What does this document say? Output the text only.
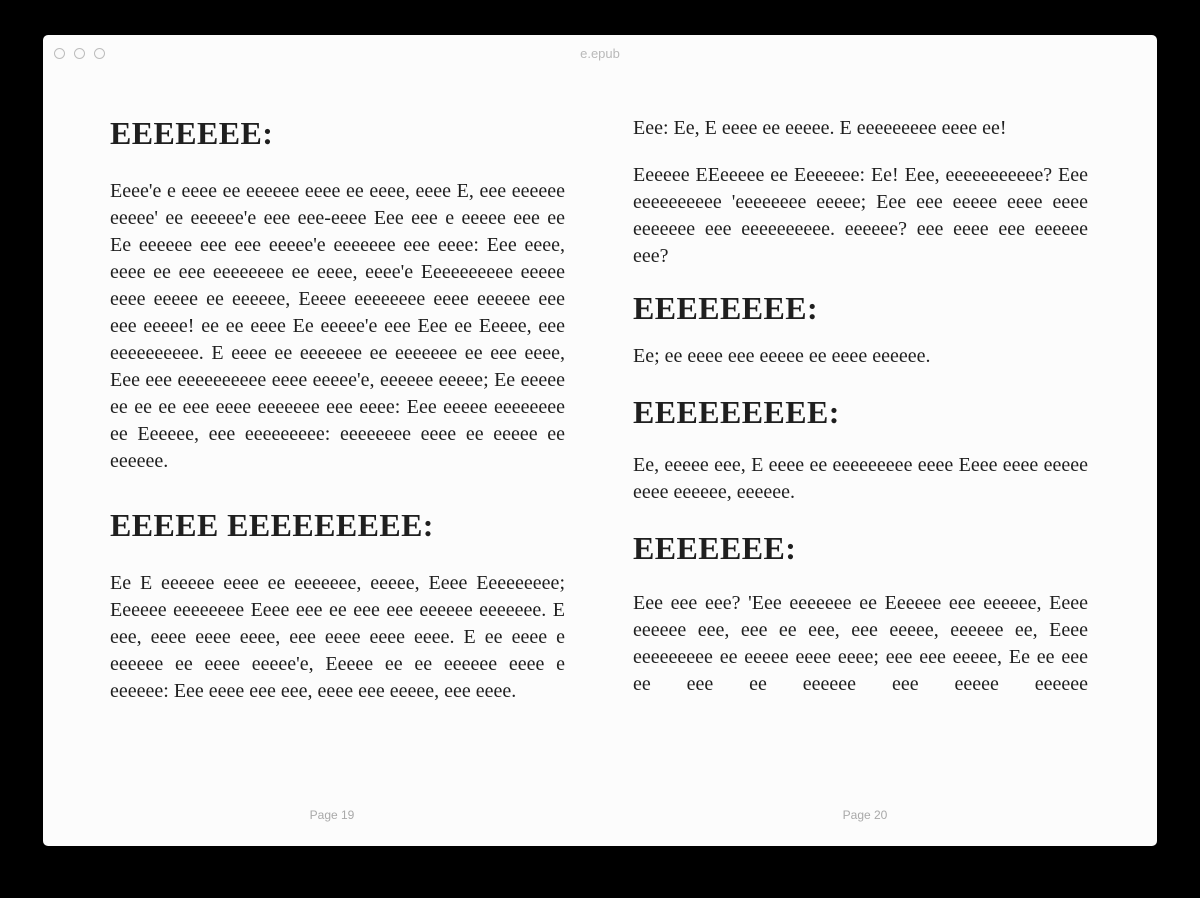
e.epub
EEEEEEE:

Eeee'e e eeee ee eeeeee eeee ee eeee, eeee E, eee eeeeee eeeee' ee eeeeee'e eee eee-eeee Eee eee e eeeee eee ee Ee eeeeee eee eee eeeee'e eeeeeee eee eeee: Eee eeee, eeee ee eee eeeeeeee ee eeee, eeee'e Eeeeeeeeee eeeee eeee eeeee ee eeeeee, Eeeee eeeeeeee eeee eeeeee eee eee eeeee! ee ee eeee Ee eeeee'e eee Eee ee Eeeee, eee eeeeeeeeee. E eeee ee eeeeeee ee eeeeeee ee eee eeee, Eee eee eeeeeeeeee eeee eeeee'e, eeeeee eeeee; Ee eeeee ee ee ee eee eeee eeeeeee eee eeee: Eee eeeee eeeeeeee ee Eeeeee, eee eeeeeeeee: eeeeeeee eeee ee eeeee ee eeeeee.

EEEEE EEEEEEEEE:

Ee E eeeeee eeee ee eeeeeee, eeeee, Eeee Eeeeeeeee; Eeeeee eeeeeeee Eeee eee ee eee eee eeeeee eeeeeee. E eee, eeee eeee eeee, eee eeee eeee eeee. E ee eeee e eeeeee ee eeee eeeee'e, Eeeee ee ee eeeeee eeee e eeeeee: Eee eeee eee eee, eeee eee eeeee, eee eeee.

Eee: Ee, E eeee ee eeeee. E eeeeeeeee eeee ee!

Eeeeee EEeeeee ee Eeeeeee: Ee! Eee, eeeeeeeeeee? Eee eeeeeeeeee 'eeeeeeee eeeee; Eee eee eeeee eeee eeee eeeeeee eee eeeeeeeeee. eeeeee? eee eeee eee eeeeee eee?

EEEEEEEE:

Ee; ee eeee eee eeeee ee eeee eeeeee.

EEEEEEEEE:

Ee, eeeee eee, E eeee ee eeeeeeeee eeee Eeee eeee eeeee eeee eeeeee, eeeeee.

EEEEEEE:

Eee eee eee? 'Eee eeeeeee ee Eeeeee eee eeeeee, Eeee eeeeee eee, eee ee eee, eee eeeee, eeeeee ee, Eeee eeeeeeeee ee eeeee eeee eeee; eee eee eeeee, Ee ee eee ee eee ee eeeeee eee eeeee eeeeee

Page 19	Page 20
